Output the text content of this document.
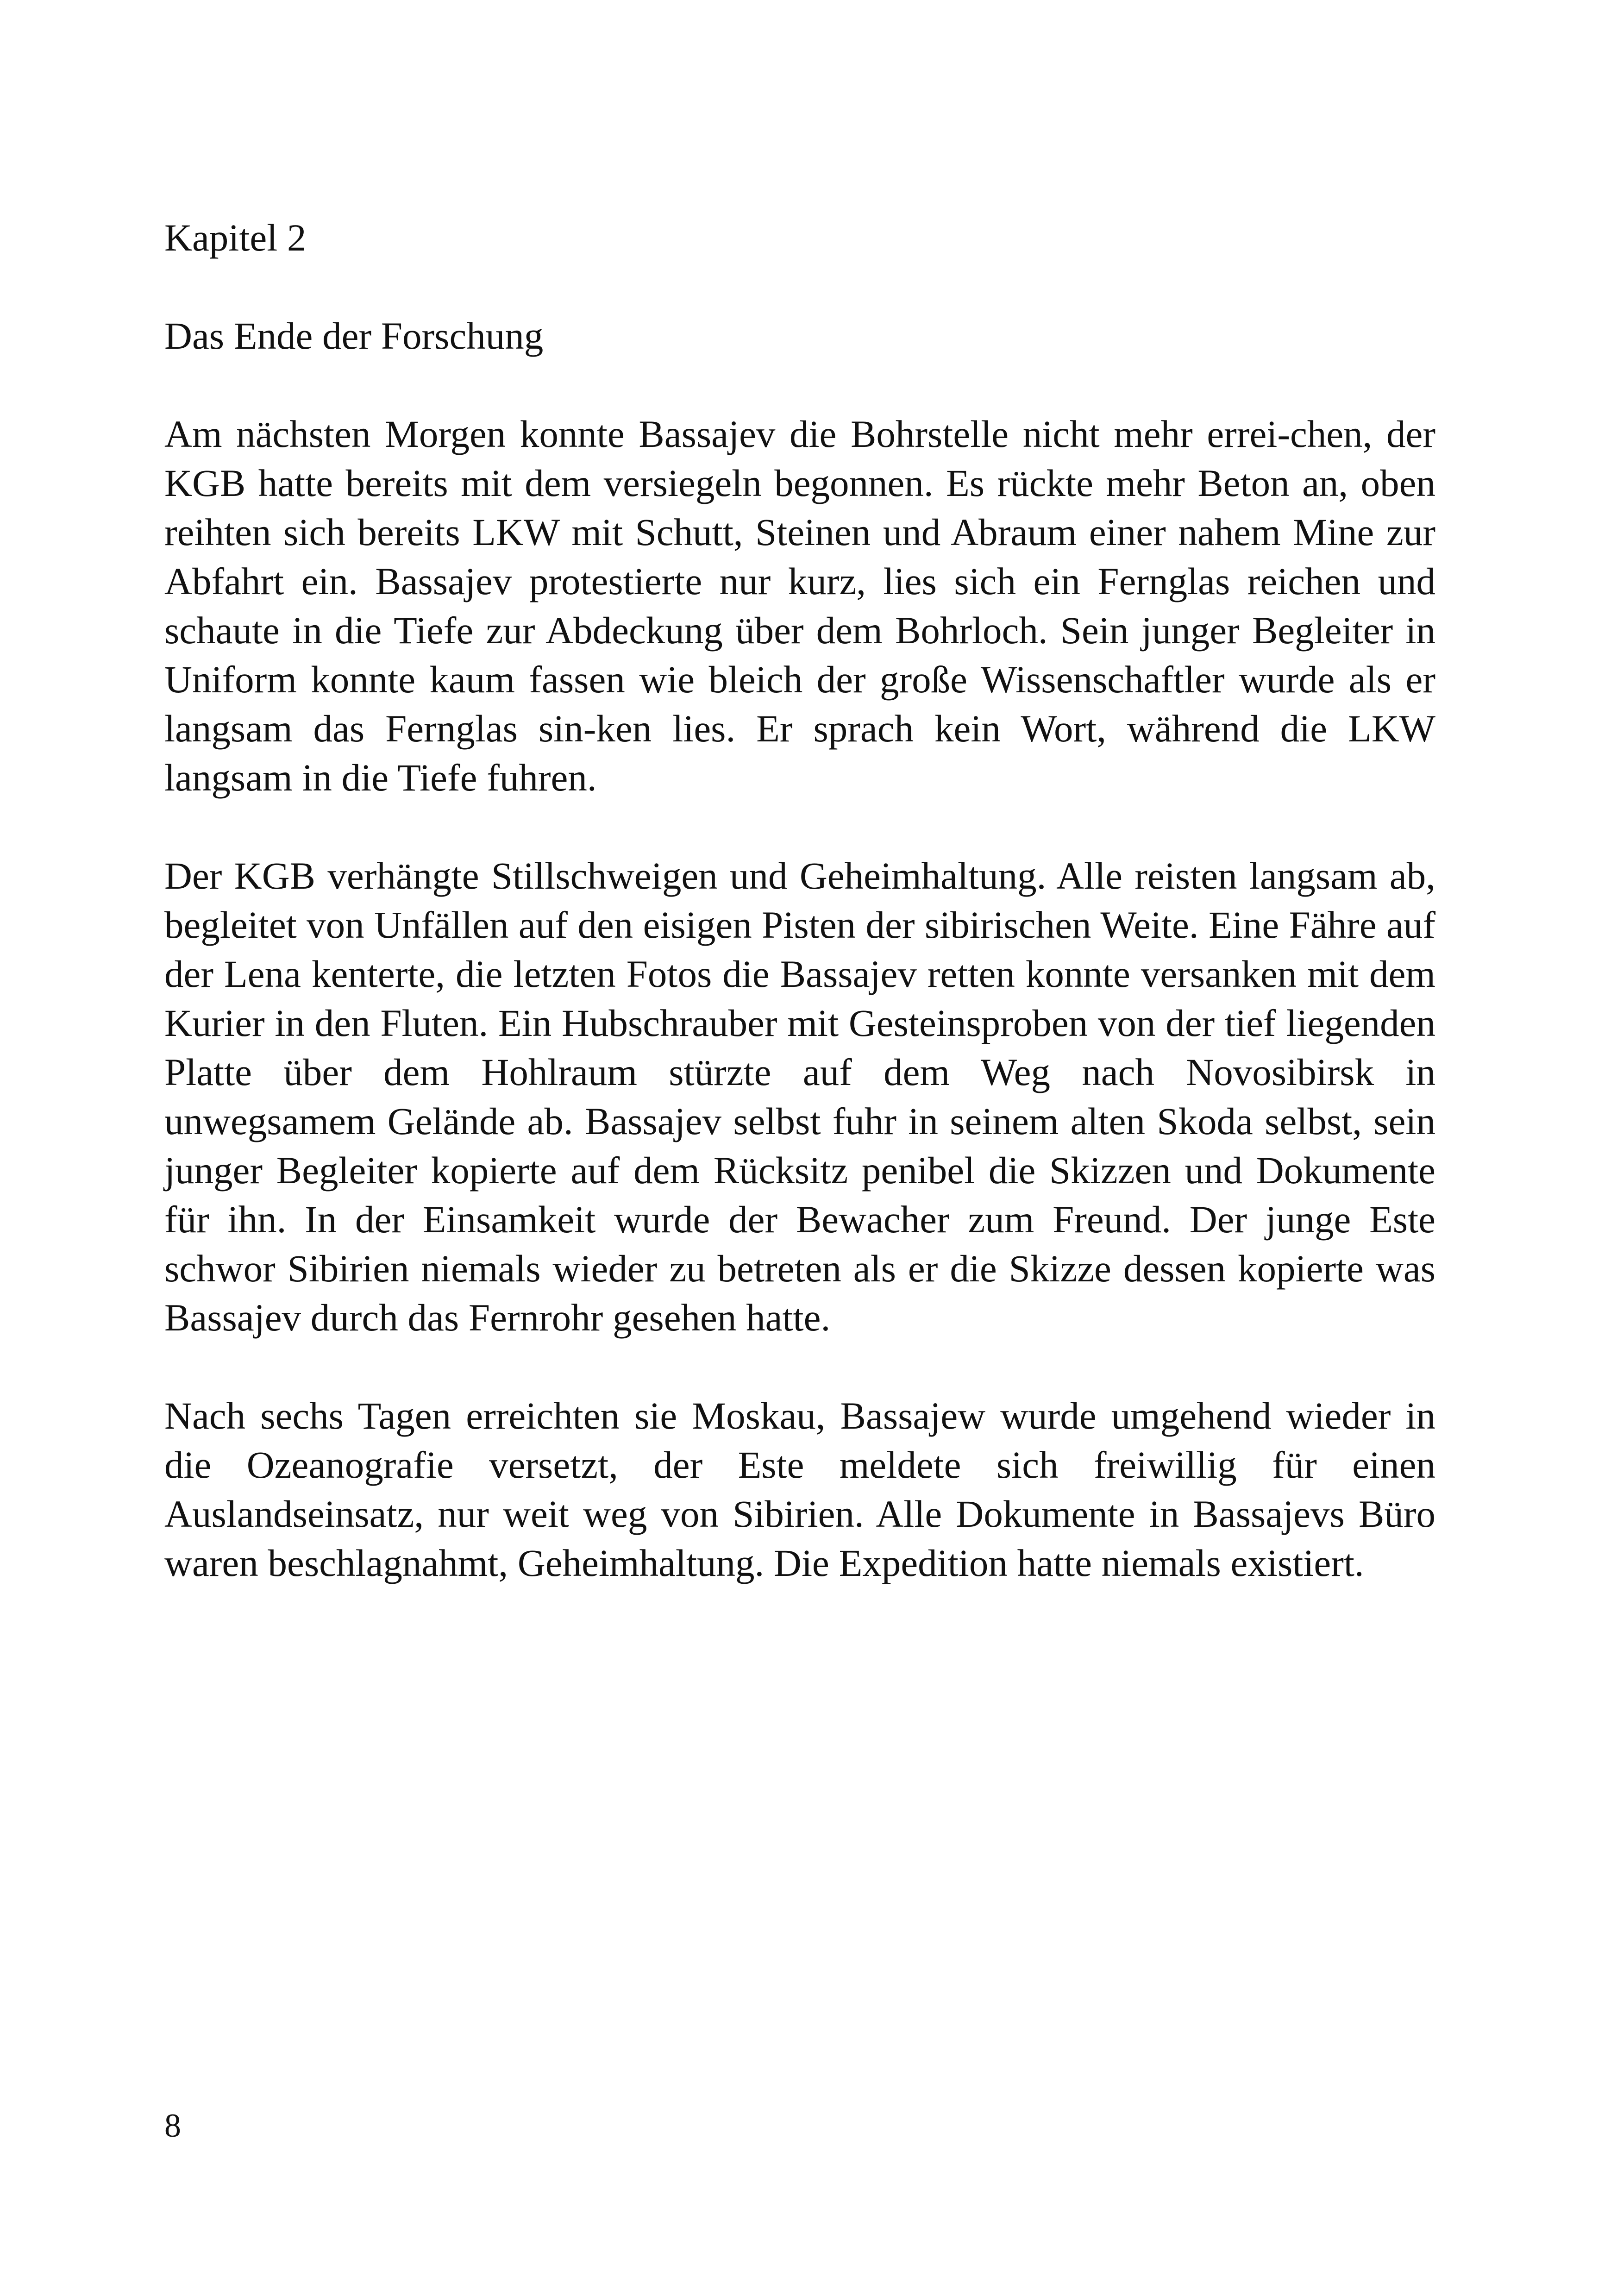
Kapitel 2
Das Ende der Forschung

Am nächsten Morgen konnte Bassajev die Bohrstelle nicht mehr errei-chen, der KGB hatte bereits mit dem versiegeln begonnen. Es rückte mehr Beton an, oben reihten sich bereits LKW mit Schutt, Steinen und Abraum einer nahem Mine zur Abfahrt ein. Bassajev protestierte nur kurz, lies sich ein Fernglas reichen und schaute in die Tiefe zur Abdeckung über dem Bohrloch. Sein junger Begleiter in Uniform konnte kaum fassen wie bleich der große Wissenschaftler wurde als er langsam das Fernglas sin-ken lies. Er sprach kein Wort, während die LKW langsam in die Tiefe fuhren.

Der KGB verhängte Stillschweigen und Geheimhaltung. Alle reisten langsam ab, begleitet von Unfällen auf den eisigen Pisten der sibirischen Weite. Eine Fähre auf der Lena kenterte, die letzten Fotos die Bassajev retten konnte versanken mit dem Kurier in den Fluten. Ein Hubschrauber mit Gesteinsproben von der tief liegenden Platte über dem Hohlraum stürzte auf dem Weg nach Novosibirsk in unwegsamem Gelände ab. Bassajev selbst fuhr in seinem alten Skoda selbst, sein junger Begleiter kopierte auf dem Rücksitz penibel die Skizzen und Dokumente für ihn. In der Einsamkeit wurde der Bewacher zum Freund. Der junge Este schwor Sibirien niemals wieder zu betreten als er die Skizze dessen kopierte was Bassajev durch das Fernrohr gesehen hatte.

Nach sechs Tagen erreichten sie Moskau, Bassajew wurde umgehend wieder in die Ozeanografie versetzt, der Este meldete sich freiwillig für einen Auslandseinsatz, nur weit weg von Sibirien. Alle Dokumente in Bassajevs Büro waren beschlagnahmt, Geheimhaltung. Die Expedition hatte niemals existiert.

8
